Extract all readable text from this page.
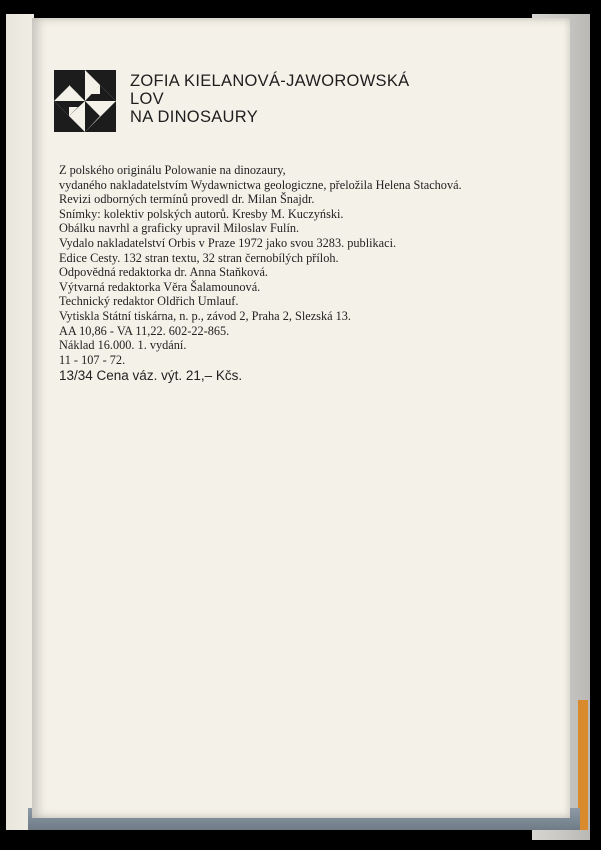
ZOFIA KIELANOVÁ-JAWOROWSKÁ
LOV
NA DINOSAURY
Z polského originálu Polowanie na dinozaury,
vydaného nakladatelstvím Wydawnictwa geologiczne, přeložila Helena Stachová.
Revizi odborných termínů provedl dr. Milan Šnajdr.
Snímky: kolektiv polských autorů. Kresby M. Kuczyński.
Obálku navrhl a graficky upravil Miloslav Fulín.
Vydalo nakladatelství Orbis v Praze 1972 jako svou 3283. publikaci.
Edice Cesty. 132 stran textu, 32 stran černobílých příloh.
Odpovědná redaktorka dr. Anna Staňková.
Výtvarná redaktorka Věra Šalamounová.
Technický redaktor Oldřich Umlauf.
Vytiskla Státní tiskárna, n. p., závod 2, Praha 2, Slezská 13.
AA 10,86 - VA 11,22. 602-22-865.
Náklad 16.000. 1. vydání.
11 - 107 - 72.
13/34 Cena váz. výt. 21,– Kčs.
